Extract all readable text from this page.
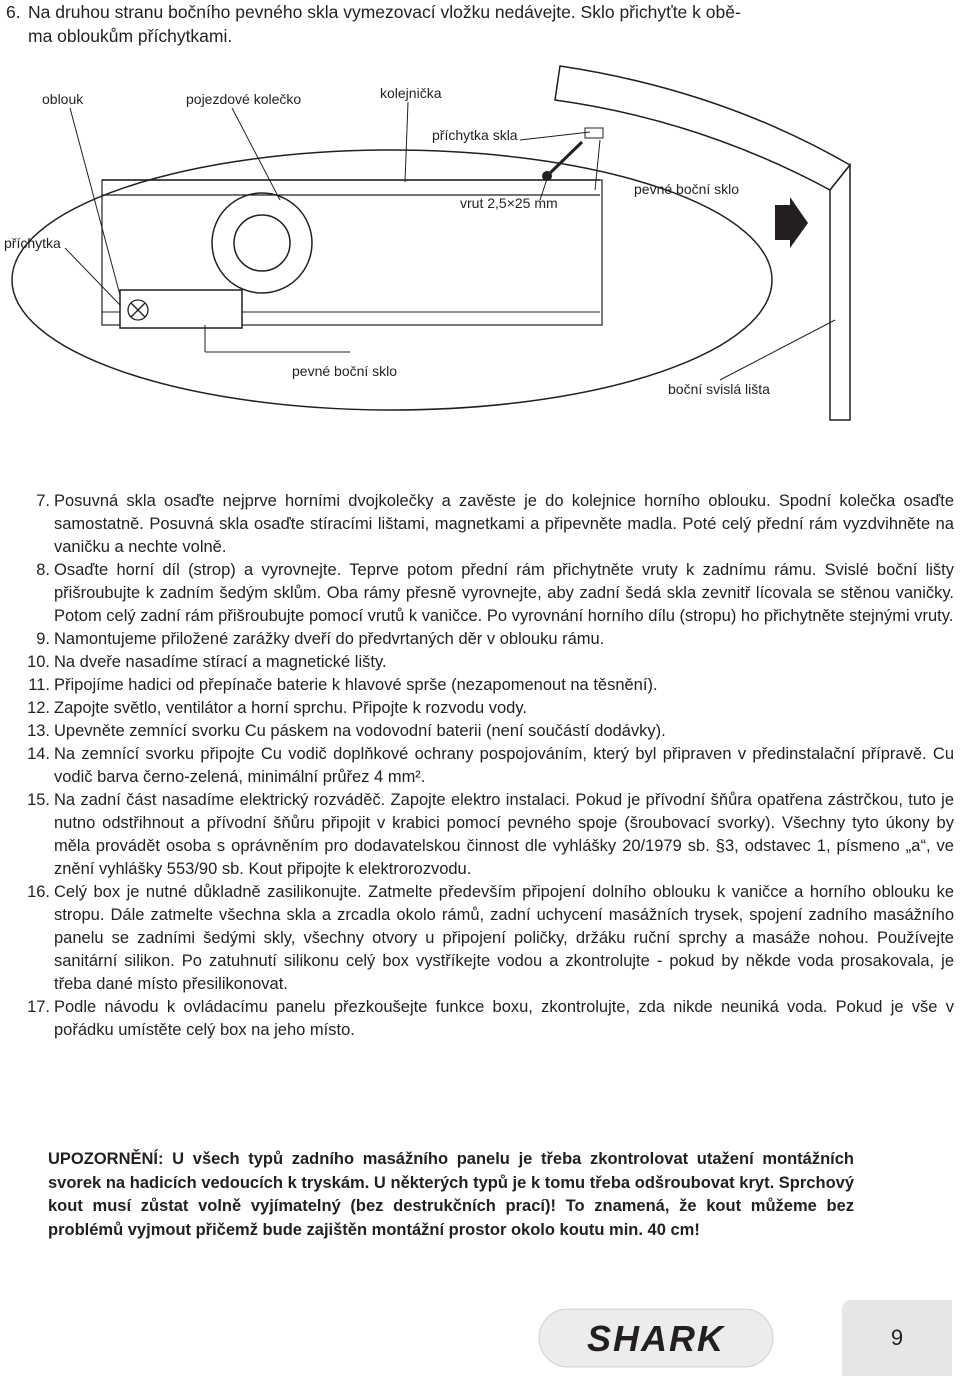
6. Na druhou stranu bočního pevného skla vymezovací vložku nedávejte. Sklo přichyťte k obě-
ma obloukům příchytkami.
oblouk	pojezdové kolečko	kolejnička
příchytka skla
vrut 2,5×25 mm
pevné boční sklo
příchytka
pevné boční sklo
boční svislá lišta
7. Posuvná skla osaďte nejprve horními dvojkolečky a zavěste je do kolejnice horního oblouku. Spodní kolečka osaďte samostatně. Posuvná skla osaďte stíracími lištami, magnetkami a připevněte madla. Poté celý přední rám vyzdvihněte na vaničku a nechte volně.
8. Osaďte horní díl (strop) a vyrovnejte. Teprve potom přední rám přichytněte vruty k zadnímu rámu. Svislé boční lišty přišroubujte k zadním šedým sklům. Oba rámy přesně vyrovnejte, aby zadní šedá skla zevnitř lícovala se stěnou vaničky. Potom celý zadní rám přišroubujte pomocí vrutů k vaničce. Po vyrovnání horního dílu (stropu) ho přichytněte stejnými vruty.
9. Namontujeme přiložené zarážky dveří do předvrtaných děr v oblouku rámu.
10. Na dveře nasadíme stírací a magnetické lišty.
11. Připojíme hadici od přepínače baterie k hlavové sprše (nezapomenout na těsnění).
12. Zapojte světlo, ventilátor a horní sprchu. Připojte k rozvodu vody.
13. Upevněte zemnící svorku Cu páskem na vodovodní baterii (není součástí dodávky).
14. Na zemnící svorku připojte Cu vodič doplňkové ochrany pospojováním, který byl připraven v předinstalační přípravě. Cu vodič barva černo-zelená, minimální průřez 4 mm².
15. Na zadní část nasadíme elektrický rozváděč. Zapojte elektro instalaci. Pokud je přívodní šňůra opatřena zástrčkou, tuto je nutno odstřihnout a přívodní šňůru připojit v krabici pomocí pevného spoje (šroubovací svorky). Všechny tyto úkony by měla provádět osoba s oprávněním pro dodavatelskou činnost dle vyhlášky 20/1979 sb. §3, odstavec 1, písmeno „a“, ve znění vyhlášky 553/90 sb. Kout připojte k elektrorozvodu.
16. Celý box je nutné důkladně zasilikonujte. Zatmelte především připojení dolního oblouku k vaničce a horního oblouku ke stropu. Dále zatmelte všechna skla a zrcadla okolo rámů, zadní uchycení masážních trysek, spojení zadního masážního panelu se zadními šedými skly, všechny otvory u připojení poličky, držáku ruční sprchy a masáže nohou. Používejte sanitární silikon. Po zatuhnutí silikonu celý box vystříkejte vodou a zkontrolujte - pokud by někde voda prosakovala, je třeba dané místo přesilikonovat.
17. Podle návodu k ovládacímu panelu přezkoušejte funkce boxu, zkontrolujte, zda nikde neuniká voda. Pokud je vše v pořádku umístěte celý box na jeho místo.
UPOZORNĚNÍ: U všech typů zadního masážního panelu je třeba zkontrolovat utažení montážních svorek na hadicích vedoucích k tryskám. U některých typů je k tomu třeba odšroubovat kryt. Sprchový kout musí zůstat volně vyjímatelný (bez destrukčních prací)! To znamená, že kout můžeme bez problémů vyjmout přičemž bude zajištěn montážní prostor okolo koutu min. 40 cm!
SHARK	9
